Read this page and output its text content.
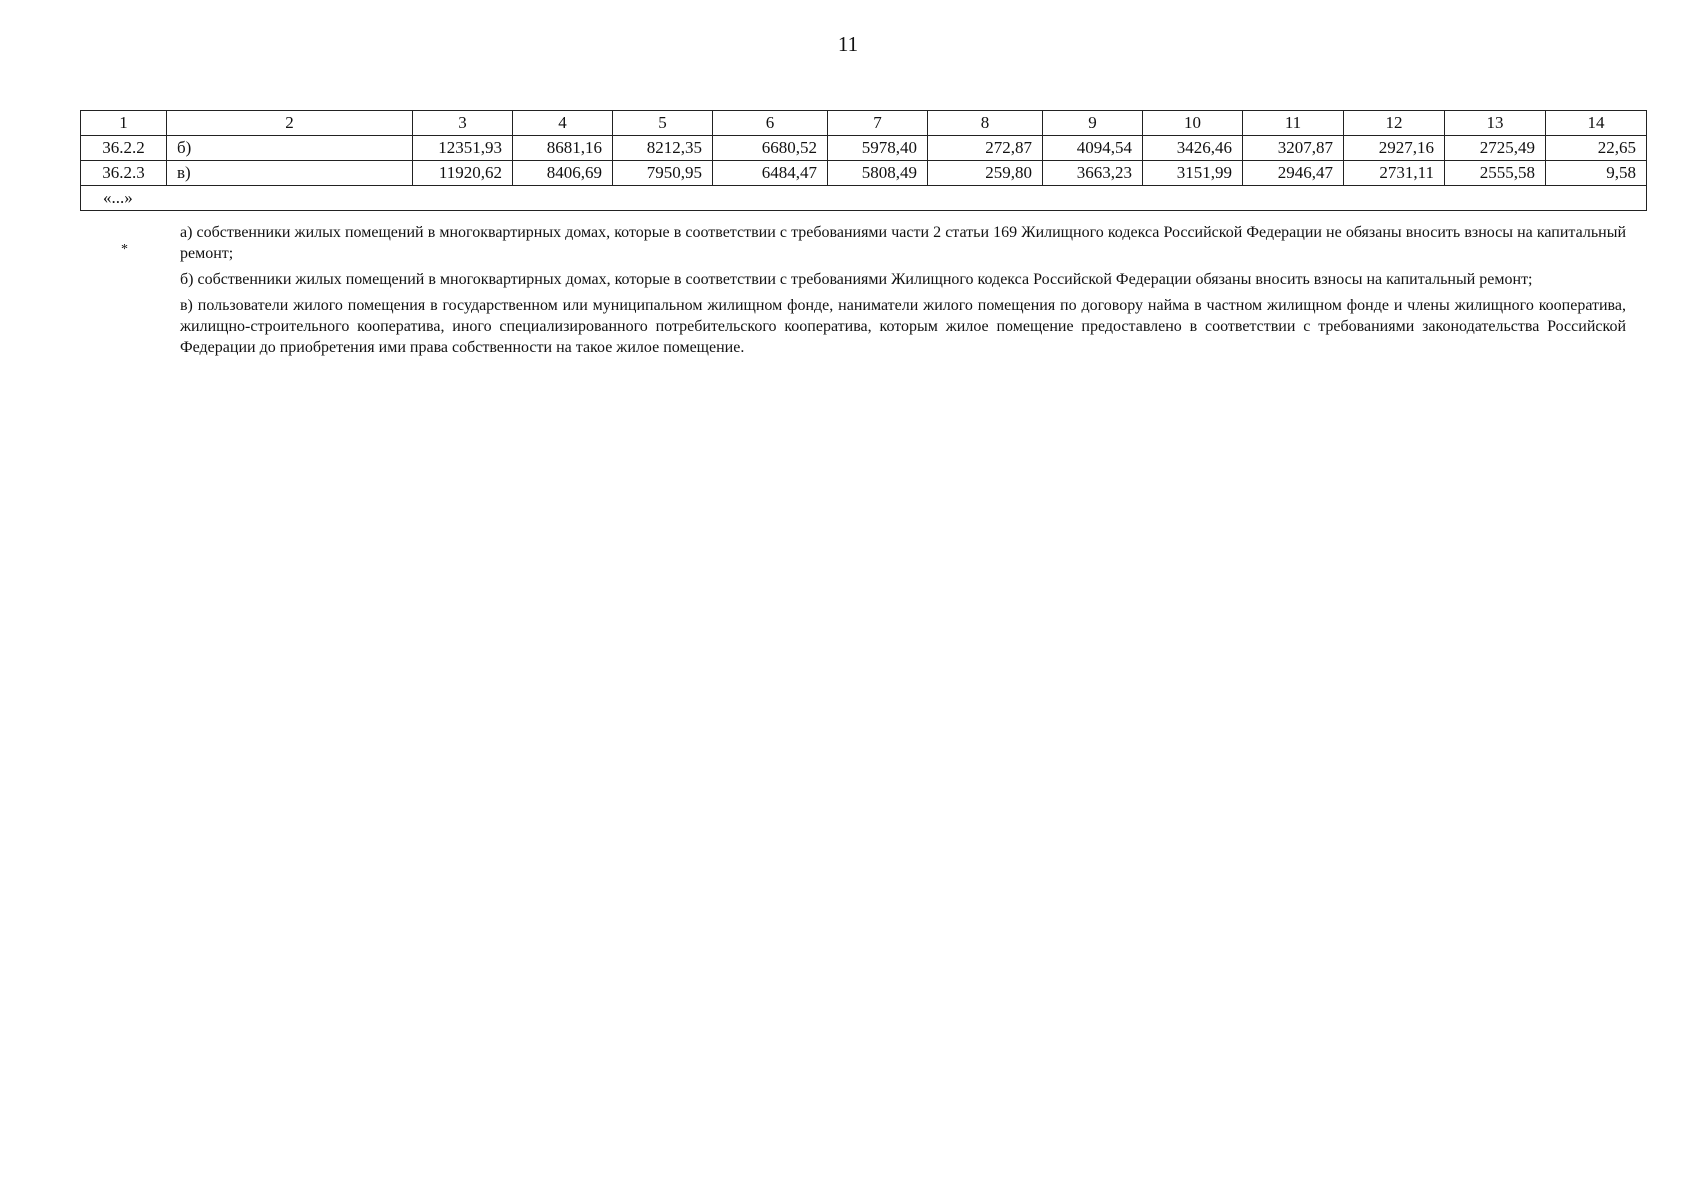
11
1	2	3	4	5	6	7	8	9	10	11	12	13	14
36.2.2	б)	12351,93	8681,16	8212,35	6680,52	5978,40	272,87	4094,54	3426,46	3207,87	2927,16	2725,49	22,65
36.2.3	в)	11920,62	8406,69	7950,95	6484,47	5808,49	259,80	3663,23	3151,99	2946,47	2731,11	2555,58	9,58
«...»													
*

а) собственники жилых помещений в многоквартирных домах, которые в соответствии с требованиями части 2 статьи 169 Жилищного кодекса Российской Федерации не обязаны вносить взносы на капитальный ремонт;

б) собственники жилых помещений в многоквартирных домах, которые в соответствии с требованиями Жилищного кодекса Российской Федерации обязаны вносить взносы на капитальный ремонт;

в) пользователи жилого помещения в государственном или муниципальном жилищном фонде, наниматели жилого помещения по договору найма в частном жилищном фонде и члены жилищного кооператива, жилищно-строительного кооператива, иного специализированного потребительского кооператива, которым жилое помещение предоставлено в соответствии с требованиями законодательства Российской Федерации до приобретения ими права собственности на такое жилое помещение.
